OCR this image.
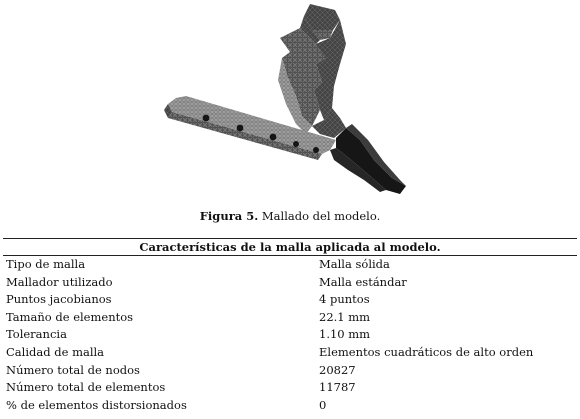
Figura 5. Mallado del modelo.
Características de la malla aplicada al modelo.
Tipo de malla	Malla sólida
Mallador utilizado	Malla estándar
Puntos jacobianos	4 puntos
Tamaño de elementos	22.1 mm
Tolerancia	1.10 mm
Calidad de malla	Elementos cuadráticos de alto orden
Número total de nodos	20827
Número total de elementos	11787
% de elementos distorsionados	0
